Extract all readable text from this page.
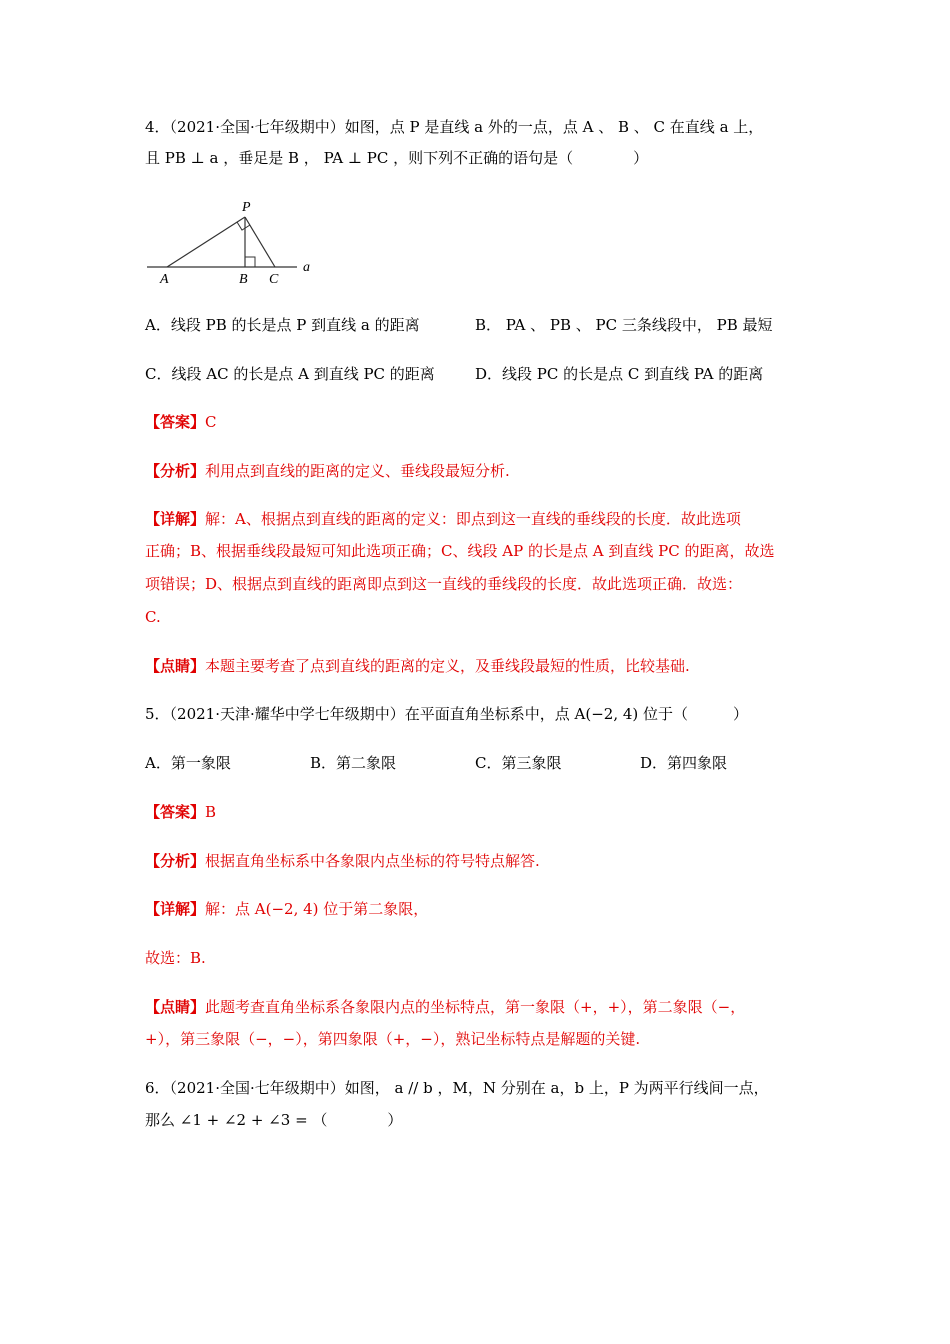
4．（2021·全国·七年级期中）如图，点 P 是直线 a 外的一点，点 A 、 B 、 C 在直线 a 上，
且 PB ⊥ a ，垂足是 B ， PA ⊥ PC ，则下列不正确的语句是（　　　　）
P
A	B C
a
A．线段 PB 的长是点 P 到直线 a 的距离	B． PA 、 PB 、 PC 三条线段中， PB 最短
C．线段 AC 的长是点 A 到直线 PC 的距离	D．线段 PC 的长是点 C 到直线 PA 的距离
【答案】C
【分析】利用点到直线的距离的定义、垂线段最短分析.
【详解】解：A、根据点到直线的距离的定义：即点到这一直线的垂线段的长度．故此选项
正确；B、根据垂线段最短可知此选项正确；C、线段 AP 的长是点 A 到直线 PC 的距离，故选
项错误；D、根据点到直线的距离即点到这一直线的垂线段的长度．故此选项正确．故选：
C.
【点睛】本题主要考查了点到直线的距离的定义，及垂线段最短的性质，比较基础.
5．（2021·天津·耀华中学七年级期中）在平面直角坐标系中，点 A(−2, 4) 位于（　　　）
A．第一象限	B．第二象限	C．第三象限	D．第四象限
【答案】B
【分析】根据直角坐标系中各象限内点坐标的符号特点解答.
【详解】解：点 A(−2, 4) 位于第二象限，
故选：B.
【点睛】此题考查直角坐标系各象限内点的坐标特点，第一象限（+，+），第二象限（−，
+），第三象限（−，−），第四象限（+，−），熟记坐标特点是解题的关键.
6．（2021·全国·七年级期中）如图， a // b ，M，N 分别在 a，b 上，P 为两平行线间一点，
那么 ∠1 + ∠2 + ∠3 = （　　　　）
